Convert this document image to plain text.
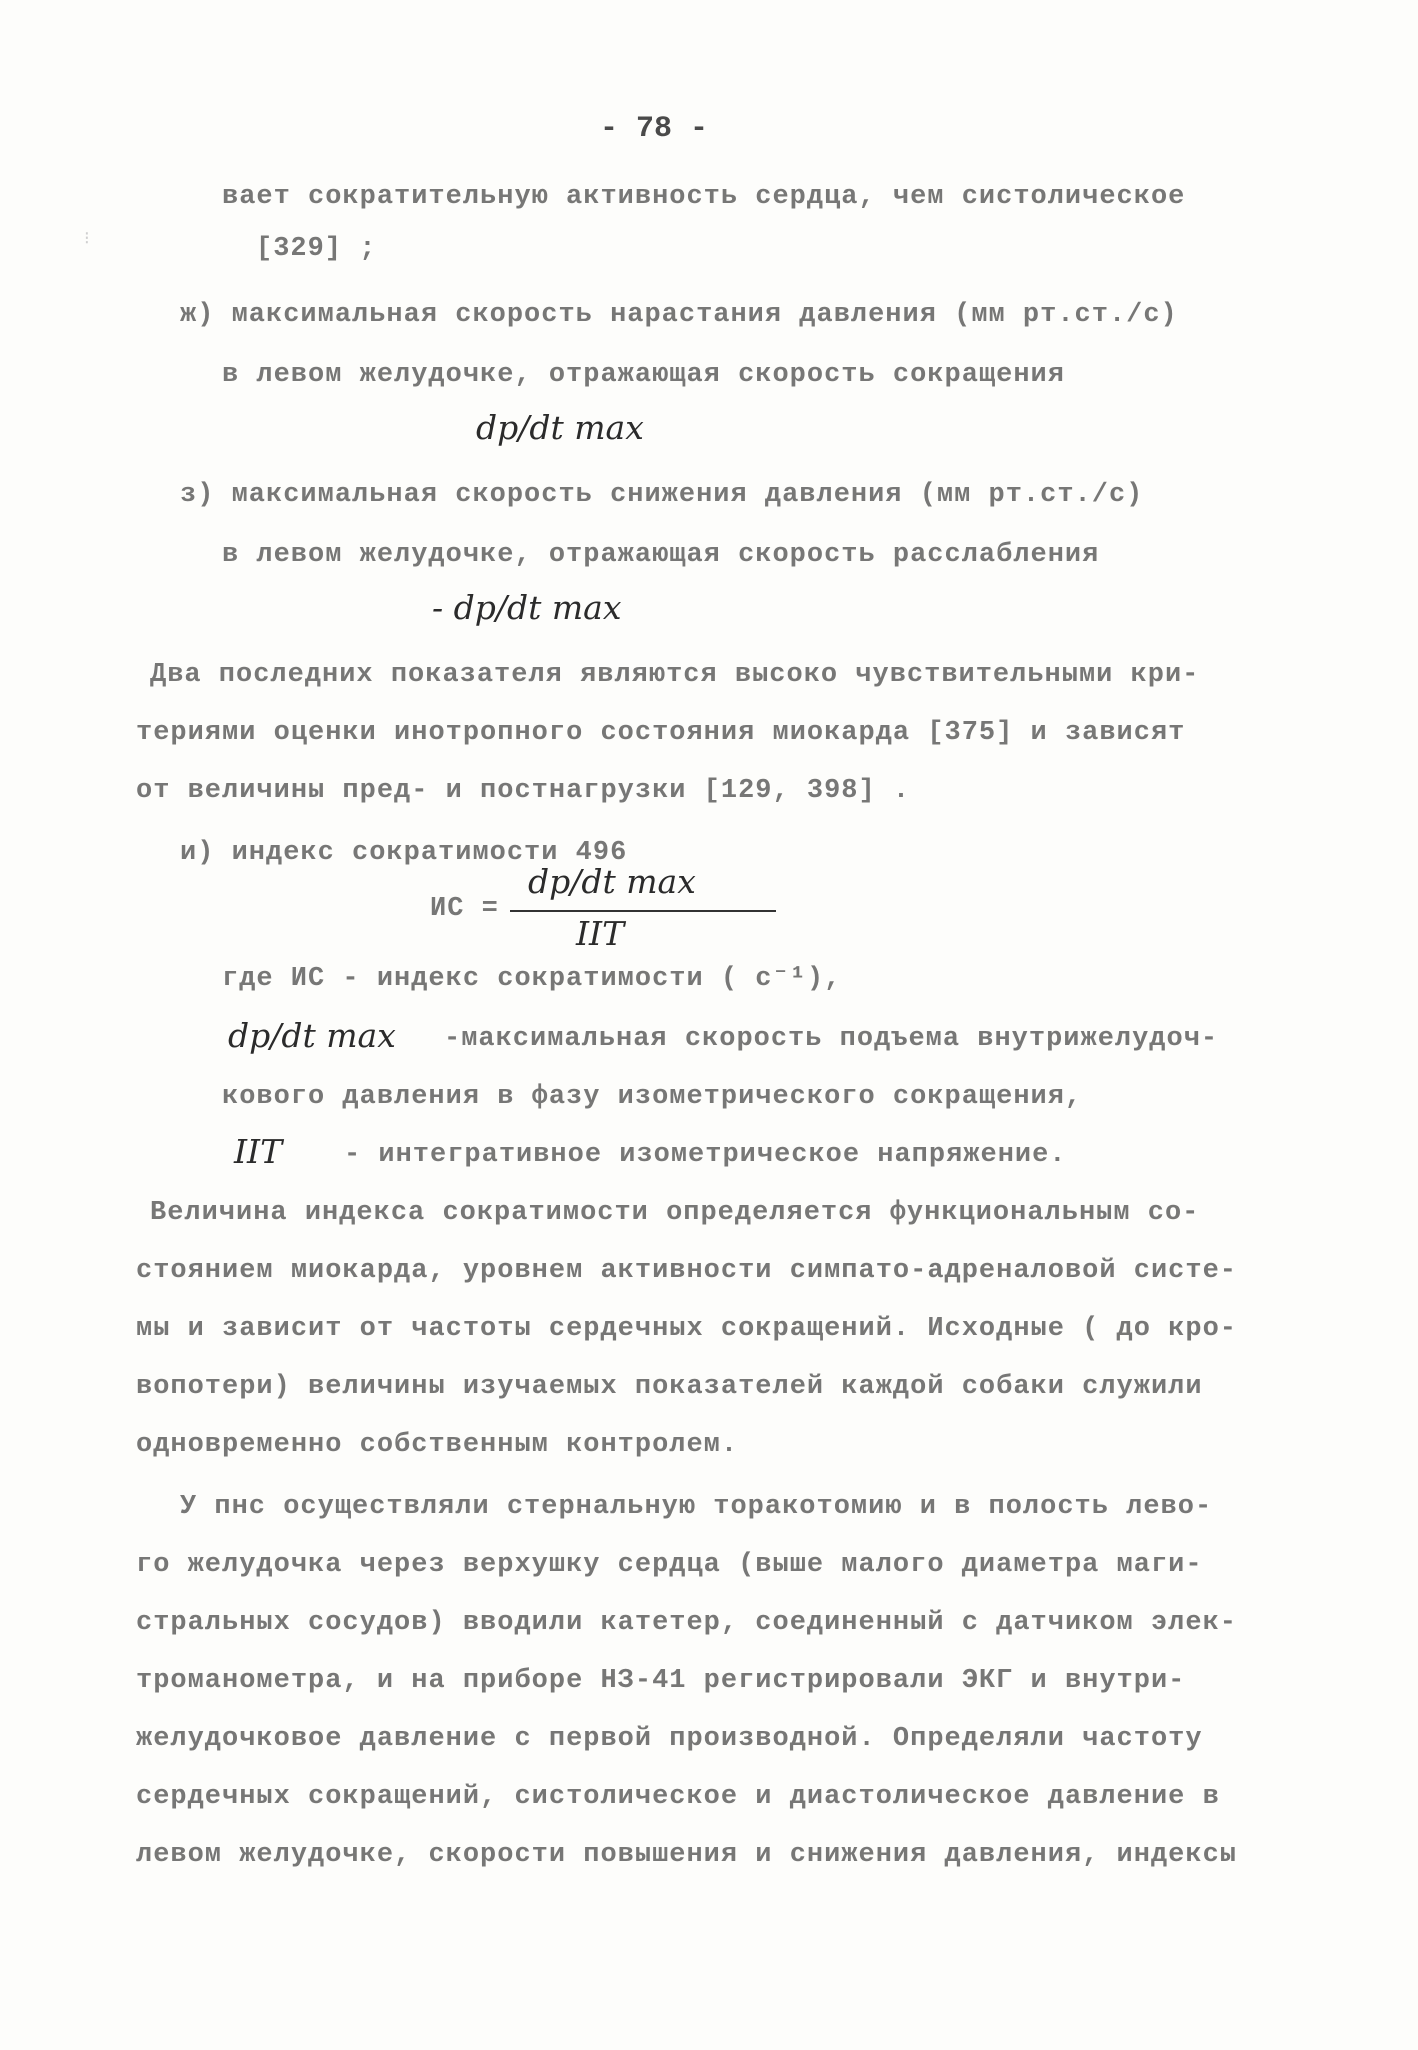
- 78 -
⁝
вает сократительную активность сердца, чем систолическое
[329] ;
ж) максимальная скорость нарастания давления (мм рт.ст./с)
в левом желудочке, отражающая скорость сокращения
dp/dt max
з) максимальная скорость снижения давления (мм рт.ст./с)
в левом желудочке, отражающая скорость расслабления
- dp/dt max
Два последних показателя являются высоко чувствительными кри-
териями оценки инотропного состояния миокарда [375] и зависят
от величины пред- и постнагрузки [129, 398] .
и) индекс сократимости 496
dp/dt max
ИС =
IIT
где ИС - индекс сократимости ( с⁻¹),
dp/dt max -максимальная скорость подъема внутрижелудоч-
кового давления в фазу изометрического сокращения,
IIT - интегративное изометрическое напряжение.
Величина индекса сократимости определяется функциональным со-
стоянием миокарда, уровнем активности симпато-адреналовой систе-
мы и зависит от частоты сердечных сокращений. Исходные ( до кро-
вопотери) величины изучаемых показателей каждой собаки служили
одновременно собственным контролем.
У пнс осуществляли стернальную торакотомию и в полость лево-
го желудочка через верхушку сердца (выше малого диаметра маги-
стральных сосудов) вводили катетер, соединенный с датчиком элек-
троманометра, и на приборе НЗ-41 регистрировали ЭКГ и внутри-
желудочковое давление с первой производной. Определяли частоту
сердечных сокращений, систолическое и диастолическое давление в
левом желудочке, скорости повышения и снижения давления, индексы
